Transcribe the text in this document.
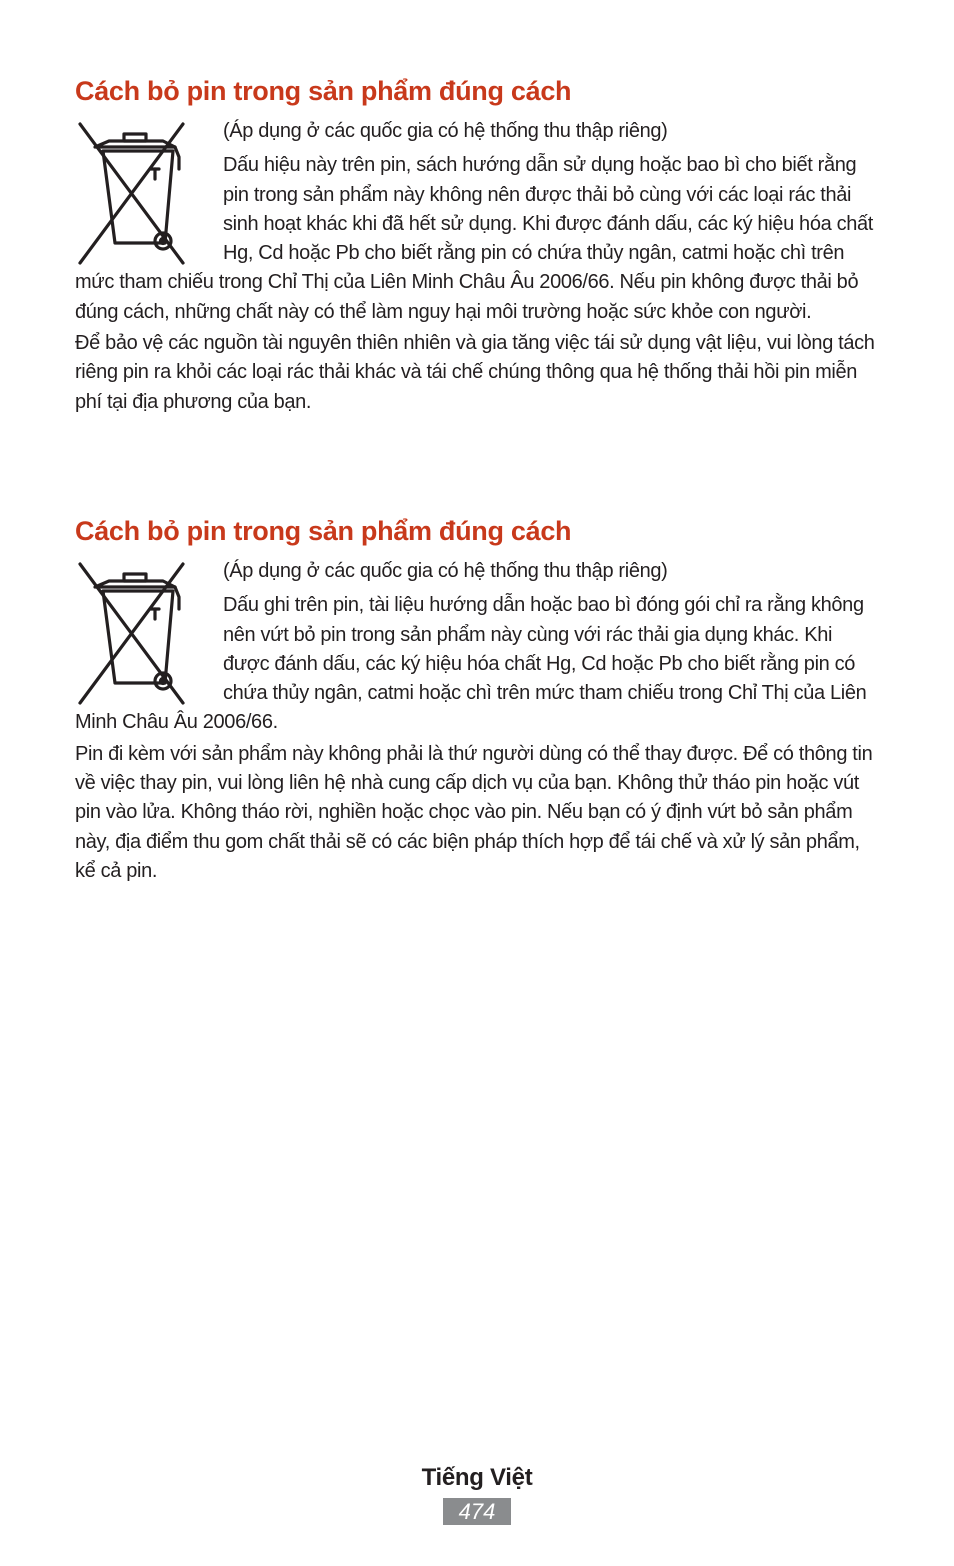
Cách bỏ pin trong sản phẩm đúng cách

(Áp dụng ở các quốc gia có hệ thống thu thập riêng)

Dấu hiệu này trên pin, sách hướng dẫn sử dụng hoặc bao bì cho biết rằng pin trong sản phẩm này không nên được thải bỏ cùng với các loại rác thải sinh hoạt khác khi đã hết sử dụng. Khi được đánh dấu, các ký hiệu hóa chất Hg, Cd hoặc Pb cho biết rằng pin có chứa thủy ngân, catmi hoặc chì trên mức tham chiếu trong Chỉ Thị của Liên Minh Châu Âu 2006/66. Nếu pin không được thải bỏ đúng cách, những chất này có thể làm nguy hại môi trường hoặc sức khỏe con người.

Để bảo vệ các nguồn tài nguyên thiên nhiên và gia tăng việc tái sử dụng vật liệu, vui lòng tách riêng pin ra khỏi các loại rác thải khác và tái chế chúng thông qua hệ thống thải hồi pin miễn phí tại địa phương của bạn.

Cách bỏ pin trong sản phẩm đúng cách

(Áp dụng ở các quốc gia có hệ thống thu thập riêng)

Dấu ghi trên pin, tài liệu hướng dẫn hoặc bao bì đóng gói chỉ ra rằng không nên vứt bỏ pin trong sản phẩm này cùng với rác thải gia dụng khác. Khi được đánh dấu, các ký hiệu hóa chất Hg, Cd hoặc Pb cho biết rằng pin có chứa thủy ngân, catmi hoặc chì trên mức tham chiếu trong Chỉ Thị của Liên Minh Châu Âu 2006/66.

Pin đi kèm với sản phẩm này không phải là thứ người dùng có thể thay được. Để có thông tin về việc thay pin, vui lòng liên hệ nhà cung cấp dịch vụ của bạn. Không thử tháo pin hoặc vút pin vào lửa. Không tháo rời, nghiền hoặc chọc vào pin. Nếu bạn có ý định vứt bỏ sản phẩm này, địa điểm thu gom chất thải sẽ có các biện pháp thích hợp để tái chế và xử lý sản phẩm, kể cả pin.

Tiếng Việt
474
